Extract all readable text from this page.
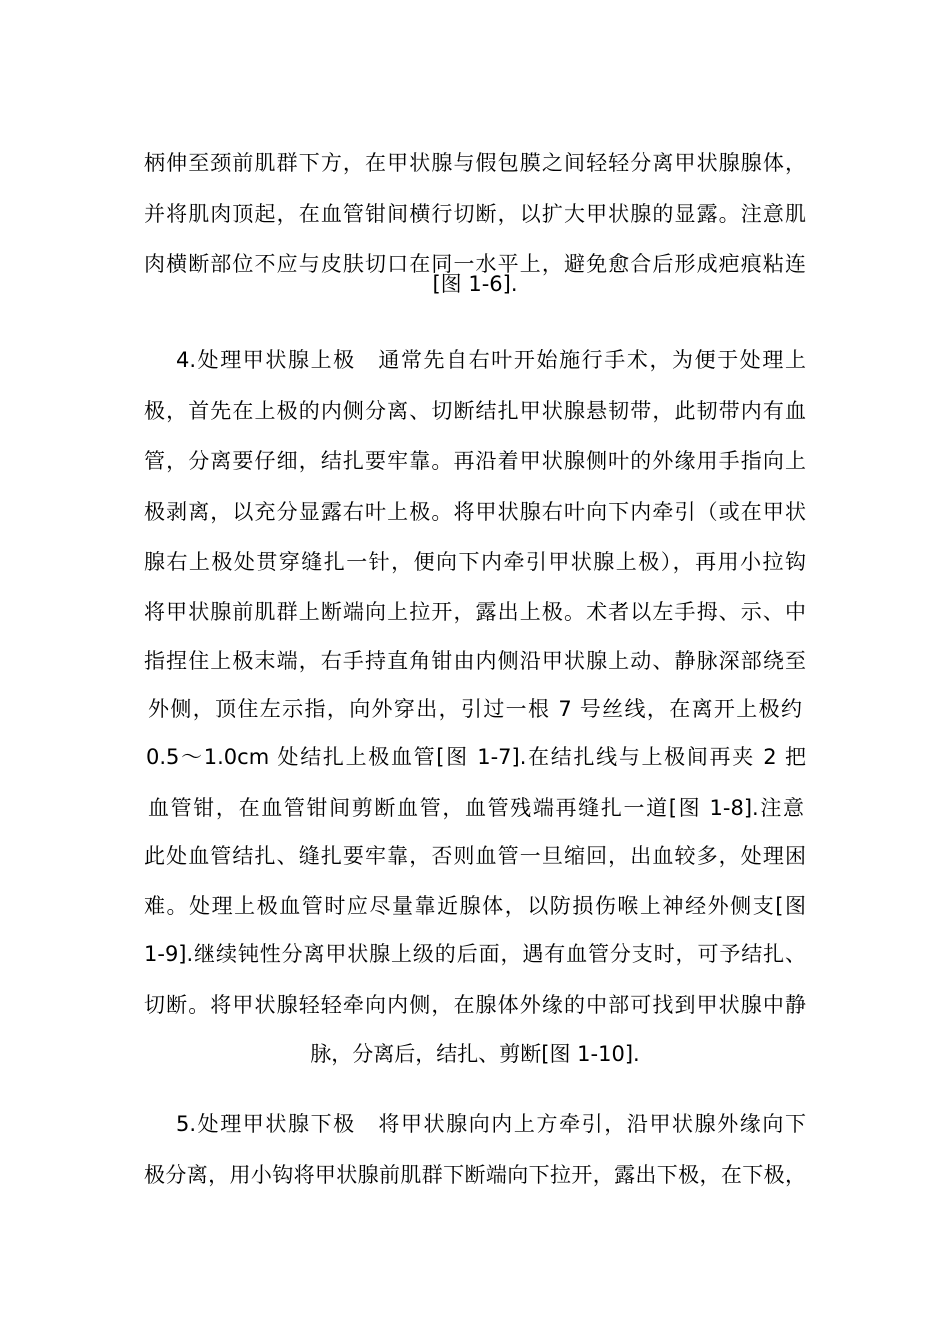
柄伸至颈前肌群下方，在甲状腺与假包膜之间轻轻分离甲状腺腺体，
并将肌肉顶起，在血管钳间横行切断，以扩大甲状腺的显露。注意肌
肉横断部位不应与皮肤切口在同一水平上，避免愈合后形成疤痕粘连
[图 1-6].
4.处理甲状腺上极　通常先自右叶开始施行手术，为便于处理上
极，首先在上极的内侧分离、切断结扎甲状腺悬韧带，此韧带内有血
管，分离要仔细，结扎要牢靠。再沿着甲状腺侧叶的外缘用手指向上
极剥离，以充分显露右叶上极。将甲状腺右叶向下内牵引（或在甲状
腺右上极处贯穿缝扎一针，便向下内牵引甲状腺上极），再用小拉钩
将甲状腺前肌群上断端向上拉开，露出上极。术者以左手拇、示、中
指捏住上极末端，右手持直角钳由内侧沿甲状腺上动、静脉深部绕至
外侧，顶住左示指，向外穿出，引过一根 7 号丝线，在离开上极约
0.5～1.0cm 处结扎上极血管[图 1-7].在结扎线与上极间再夹 2 把
血管钳，在血管钳间剪断血管，血管残端再缝扎一道[图 1-8].注意
此处血管结扎、缝扎要牢靠，否则血管一旦缩回，出血较多，处理困
难。处理上极血管时应尽量靠近腺体，以防损伤喉上神经外侧支[图
1-9].继续钝性分离甲状腺上级的后面，遇有血管分支时，可予结扎、
切断。将甲状腺轻轻牵向内侧，在腺体外缘的中部可找到甲状腺中静
脉，分离后，结扎、剪断[图 1-10].
5.处理甲状腺下极　将甲状腺向内上方牵引，沿甲状腺外缘向下
极分离，用小钩将甲状腺前肌群下断端向下拉开，露出下极，在下极，
